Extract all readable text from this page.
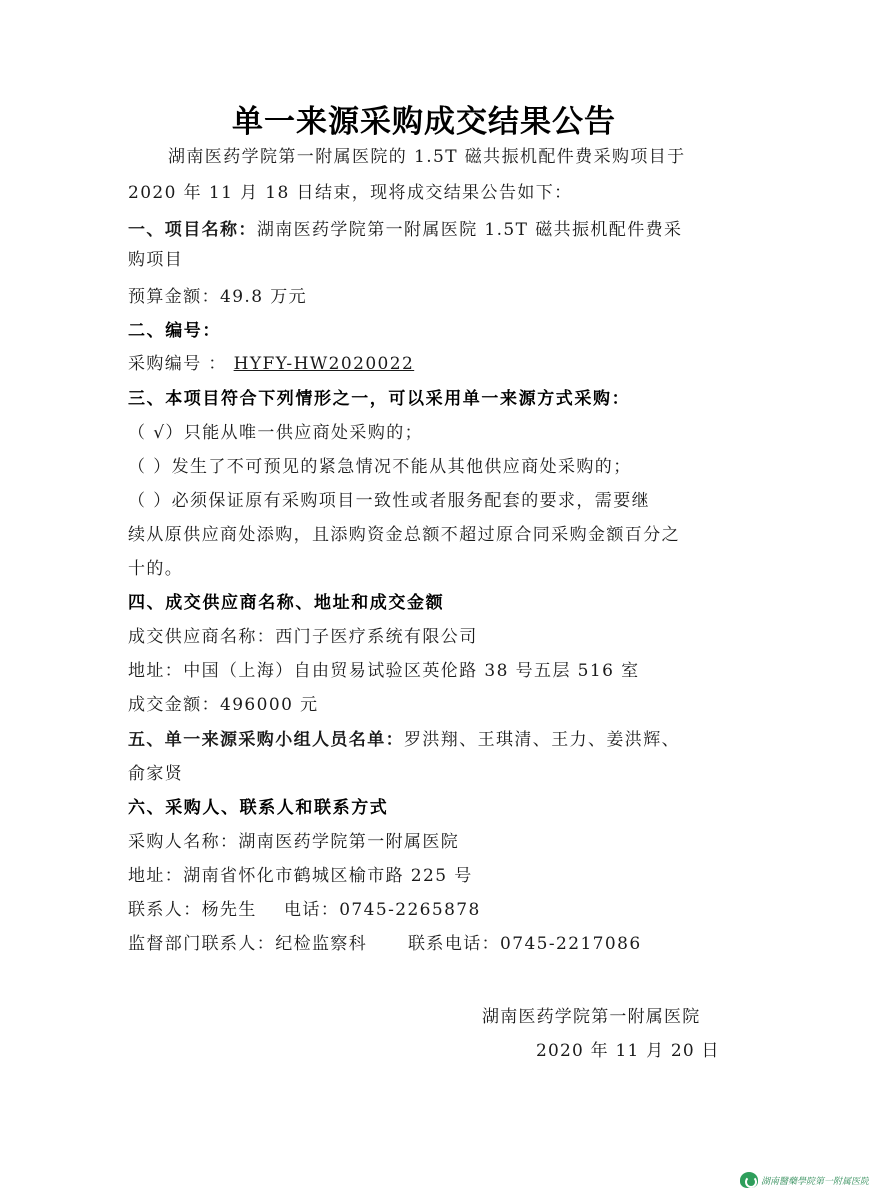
单一来源采购成交结果公告
湖南医药学院第一附属医院的 1.5T 磁共振机配件费采购项目于
2020 年 11 月 18 日结束，现将成交结果公告如下：
一、项目名称：湖南医药学院第一附属医院 1.5T 磁共振机配件费采
购项目
预算金额：49.8 万元
二、编号：
采购编号 ： HYFY-HW2020022
三、本项目符合下列情形之一，可以采用单一来源方式采购：
（ √）只能从唯一供应商处采购的；
（ ）发生了不可预见的紧急情况不能从其他供应商处采购的；
（ ）必须保证原有采购项目一致性或者服务配套的要求，需要继
续从原供应商处添购，且添购资金总额不超过原合同采购金额百分之
十的。
四、成交供应商名称、地址和成交金额
成交供应商名称：西门子医疗系统有限公司
地址：中国（上海）自由贸易试验区英伦路 38 号五层 516 室
成交金额：496000 元
五、单一来源采购小组人员名单：罗洪翔、王琪清、王力、姜洪辉、
俞家贤
六、采购人、联系人和联系方式
采购人名称：湖南医药学院第一附属医院
地址：湖南省怀化市鹤城区榆市路 225 号
联系人：杨先生    电话：0745-2265878
监督部门联系人：纪检监察科      联系电话：0745-2217086
湖南医药学院第一附属医院
2020 年 11 月 20 日
湖南醫藥學院第一附属医院
